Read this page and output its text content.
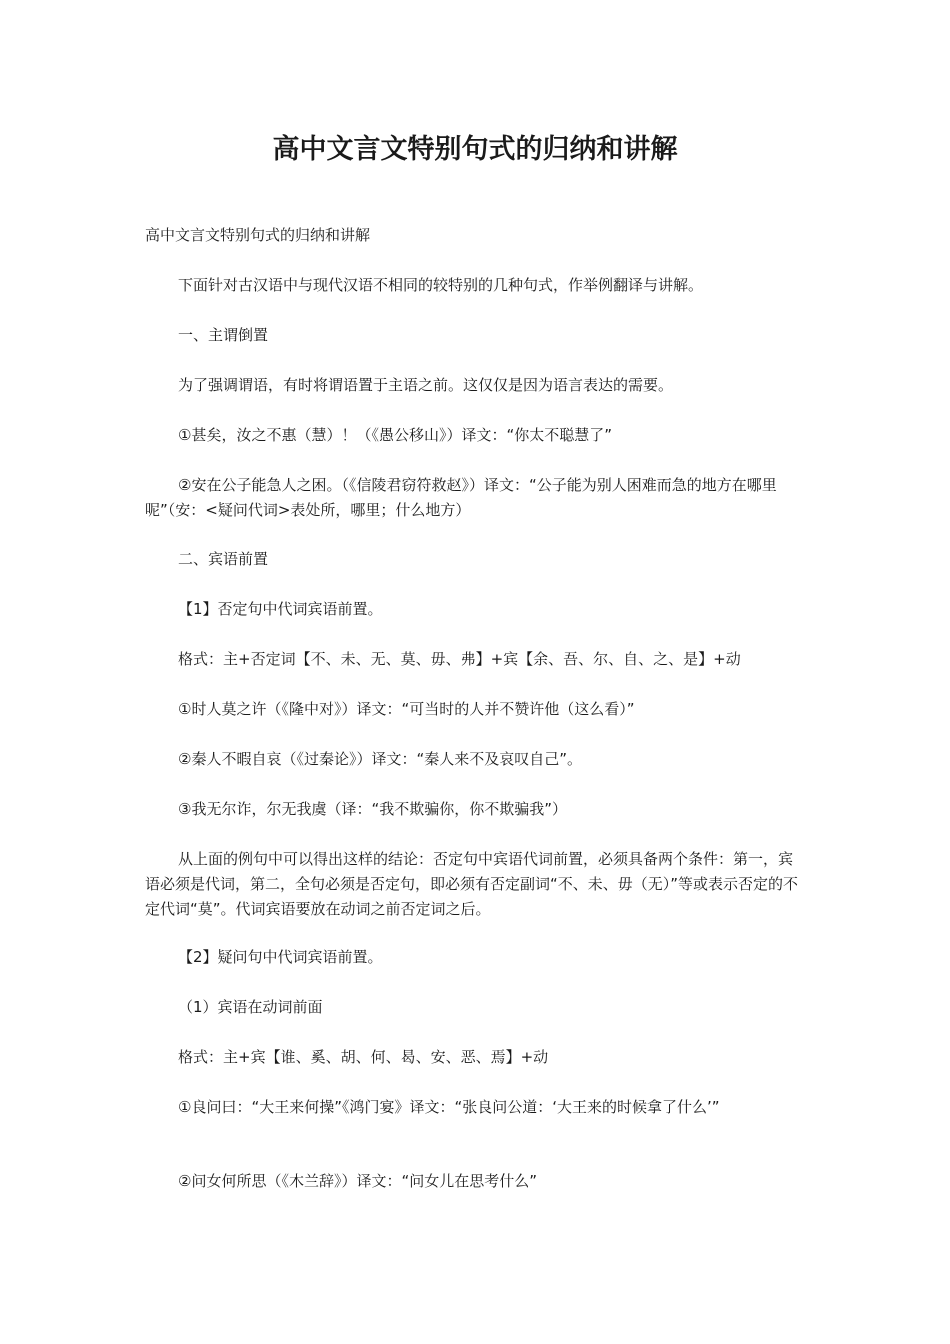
高中文言文特别句式的归纳和讲解

高中文言文特别句式的归纳和讲解

下面针对古汉语中与现代汉语不相同的较特别的几种句式，作举例翻译与讲解。

一、主谓倒置

为了强调谓语，有时将谓语置于主语之前。这仅仅是因为语言表达的需要。

①甚矣，汝之不惠（慧）！（《愚公移山》）译文：“你太不聪慧了”

②安在公子能急人之困。（《信陵君窃符救赵》）译文：“公子能为别人困难而急的地方在哪里呢”（安：<疑问代词>表处所，哪里；什么地方）

二、宾语前置

【1】否定句中代词宾语前置。

格式：主+否定词【不、未、无、莫、毋、弗】+宾【余、吾、尔、自、之、是】+动

①时人莫之许（《隆中对》）译文：“可当时的人并不赞许他（这么看）”

②秦人不暇自哀（《过秦论》）译文：“秦人来不及哀叹自己”。

③我无尔诈，尔无我虞（译：“我不欺骗你，你不欺骗我”）

从上面的例句中可以得出这样的结论：否定句中宾语代词前置，必须具备两个条件：第一，宾语必须是代词，第二，全句必须是否定句，即必须有否定副词“不、未、毋（无）”等或表示否定的不定代词“莫”。代词宾语要放在动词之前否定词之后。

【2】疑问句中代词宾语前置。

（1）宾语在动词前面

格式：主+宾【谁、奚、胡、何、曷、安、恶、焉】+动

①良问曰：“大王来何操”《鸿门宴》译文：“张良问公道：‘大王来的时候拿了什么’”

②问女何所思（《木兰辞》）译文：“问女儿在思考什么”
